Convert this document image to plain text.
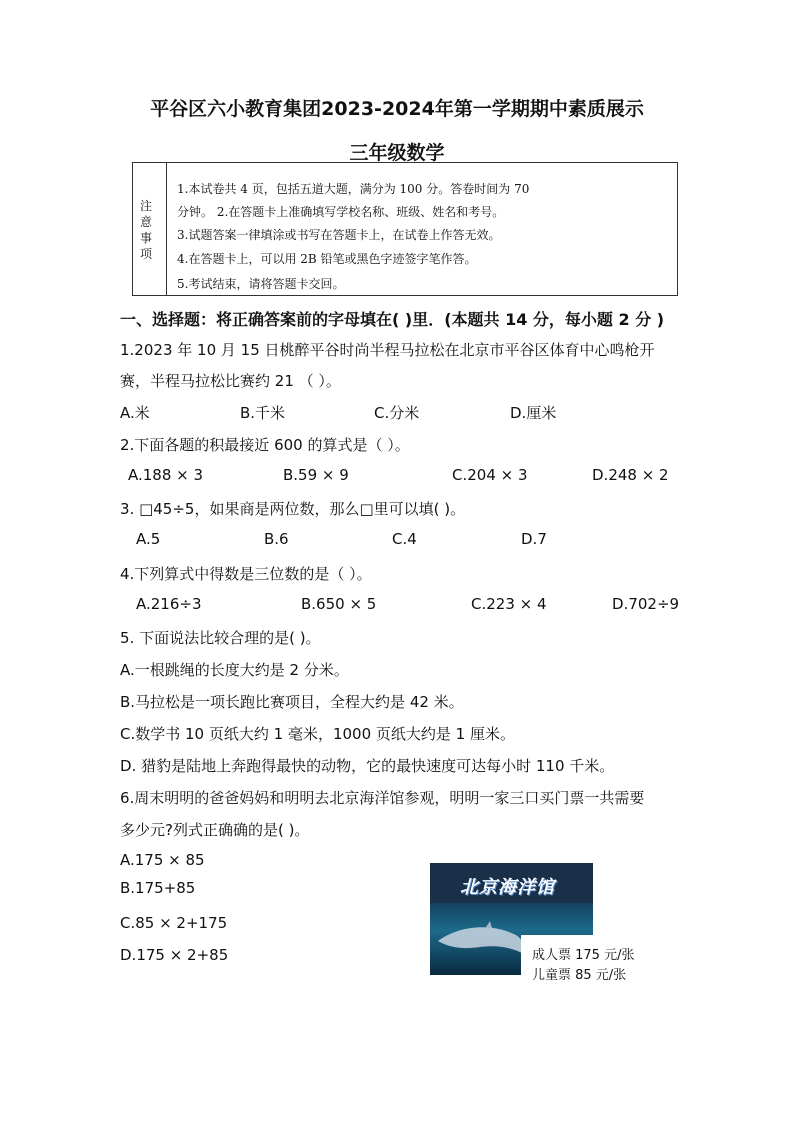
平谷区六小教育集团2023-2024年第一学期期中素质展示
三年级数学
注
意
事
项
1.本试卷共 4 页，包括五道大题，满分为 100 分。答卷时间为 70
分钟。 2.在答题卡上准确填写学校名称、班级、姓名和考号。
3.试题答案一律填涂或书写在答题卡上，在试卷上作答无效。
4.在答题卡上，可以用 2B 铅笔或黑色字迹签字笔作答。
5.考试结束，请将答题卡交回。
一、选择题：将正确答案前的字母填在( )里．(本题共 14 分，每小题 2 分 )
1.2023 年 10 月 15 日桃醉平谷时尚半程马拉松在北京市平谷区体育中心鸣枪开
赛，半程马拉松比赛约 21 （ ）。
A.米	B.千米	C.分米	D.厘米
2.下面各题的积最接近 600 的算式是（ ）。
A.188 × 3	B.59 × 9	C.204 × 3	D.248 × 2
3. □45÷5，如果商是两位数，那么□里可以填( )。
A.5	B.6	C.4	D.7
4.下列算式中得数是三位数的是（ ）。
A.216÷3	B.650 × 5	C.223 × 4	D.702÷9
5. 下面说法比较合理的是( )。
A.一根跳绳的长度大约是 2 分米。
B.马拉松是一项长跑比赛项目，全程大约是 42 米。
C.数学书 10 页纸大约 1 毫米，1000 页纸大约是 1 厘米。
D. 猎豹是陆地上奔跑得最快的动物，它的最快速度可达每小时 110 千米。
6.周末明明的爸爸妈妈和明明去北京海洋馆参观，明明一家三口买门票一共需要
多少元?列式正确确的是( )。
A.175 × 85
B.175+85
C.85 × 2+175
D.175 × 2+85
北京海洋馆
成人票 175 元/张
儿童票 85 元/张
